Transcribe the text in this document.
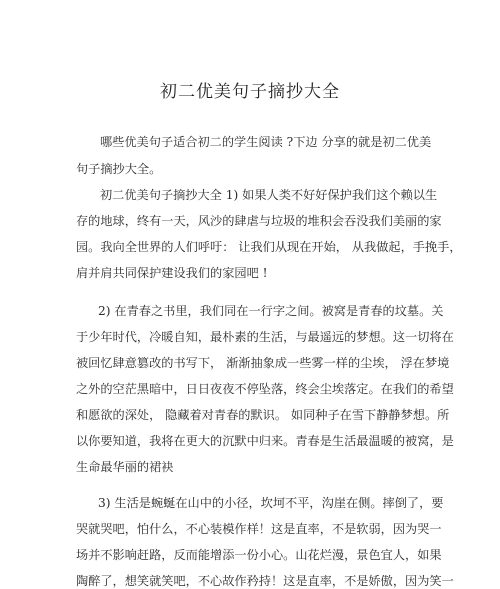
初二优美句子摘抄大全
哪些优美句子适合初二的学生阅读 ?下边 分享的就是初二优美
句子摘抄大全。
初二优美句子摘抄大全 1) 如果人类不好好保护我们这个赖以生
存的地球，终有一天，风沙的肆虐与垃圾的堆积会吞没我们美丽的家
园。我向全世界的人们呼吁： 让我们从现在开始， 从我做起，手挽手，
肩并肩共同保护建设我们的家园吧 !
2) 在青春之书里，我们同在一行字之间。被窝是青春的坟墓。关
于少年时代，冷暖自知，最朴素的生活，与最遥远的梦想。这一切将在
被回忆肆意篡改的书写下， 渐渐抽象成一些雾一样的尘埃， 浮在梦境
之外的空茫黑暗中，日日夜夜不停坠落，终会尘埃落定。在我们的希望
和愿欲的深处， 隐藏着对青春的默识。 如同种子在雪下静静梦想。所
以你要知道，我将在更大的沉默中归来。青春是生活最温暖的被窝，是
生命最华丽的裙袂
3) 生活是蜿蜒在山中的小径，坎坷不平，沟崖在侧。摔倒了，要
哭就哭吧，怕什么，不心装模作样！这是直率，不是软弱，因为哭一
场并不影响赶路，反而能增添一份小心。山花烂漫，景色宜人，如果
陶醉了，想笑就笑吧，不心故作矜持！这是直率，不是娇傲，因为笑一
